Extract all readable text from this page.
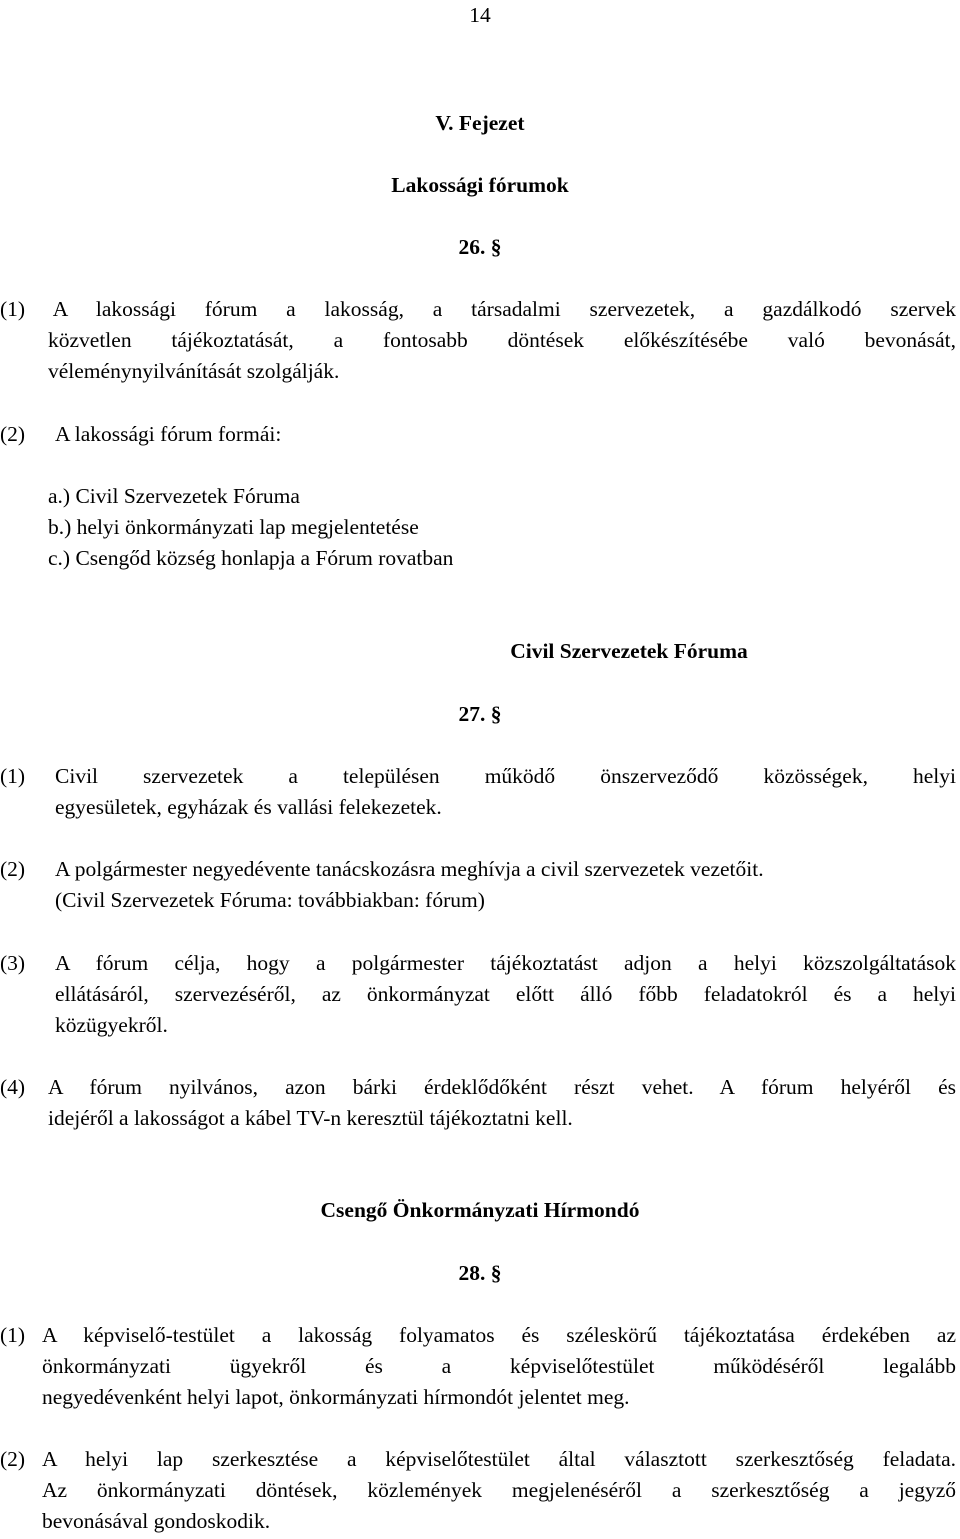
14
V. Fejezet
Lakossági fórumok
26. §
(1) A lakossági fórum a lakosság, a társadalmi szervezetek, a gazdálkodó szervek
közvetlen tájékoztatását, a fontosabb döntések előkészítésébe való bevonását,
véleménynyilvánítását szolgálják.
(2) A lakossági fórum formái:
a.) Civil Szervezetek Fóruma
b.) helyi önkormányzati lap megjelentetése
c.) Csengőd község honlapja a Fórum rovatban
Civil Szervezetek Fóruma
27. §
(1) Civil szervezetek a településen működő önszerveződő közösségek, helyi
egyesületek, egyházak és vallási felekezetek.
(2) A polgármester negyedévente tanácskozásra meghívja a civil szervezetek vezetőit.
(Civil Szervezetek Fóruma: továbbiakban: fórum)
(3) A fórum célja, hogy a polgármester tájékoztatást adjon a helyi közszolgáltatások
ellátásáról, szervezéséről, az önkormányzat előtt álló főbb feladatokról és a helyi
közügyekről.
(4) A fórum nyilvános, azon bárki érdeklődőként részt vehet. A fórum helyéről és
idejéről a lakosságot a kábel TV-n keresztül tájékoztatni kell.
Csengő Önkormányzati Hírmondó
28. §
(1) A képviselő-testület a lakosság folyamatos és széleskörű tájékoztatása érdekében az
önkormányzati ügyekről és a képviselőtestület működéséről legalább
negyedévenként helyi lapot, önkormányzati hírmondót jelentet meg.
(2) A helyi lap szerkesztése a képviselőtestület által választott szerkesztőség feladata.
Az önkormányzati döntések, közlemények megjelenéséről a szerkesztőség a jegyző
bevonásával gondoskodik.
